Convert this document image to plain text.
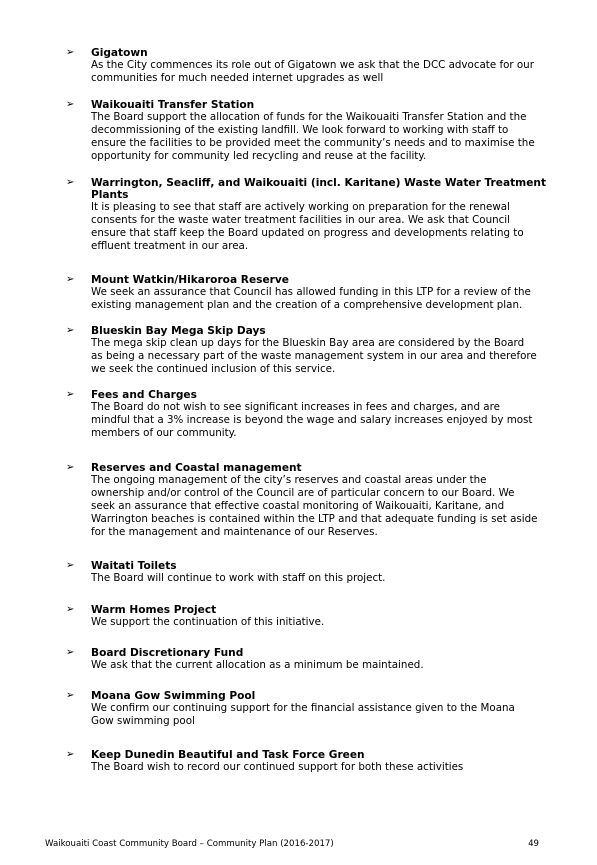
➢	Gigatown
As the City commences its role out of Gigatown we ask that the DCC advocate for our
communities for much needed internet upgrades as well
➢	Waikouaiti Transfer Station
The Board support the allocation of funds for the Waikouaiti Transfer Station and the
decommissioning of the existing landfill. We look forward to working with staff to
ensure the facilities to be provided meet the community’s needs and to maximise the
opportunity for community led recycling and reuse at the facility.
➢	Warrington, Seacliff, and Waikouaiti (incl. Karitane) Waste Water Treatment
Plants
It is pleasing to see that staff are actively working on preparation for the renewal
consents for the waste water treatment facilities in our area. We ask that Council
ensure that staff keep the Board updated on progress and developments relating to
effluent treatment in our area.
➢	Mount Watkin/Hikaroroa Reserve
We seek an assurance that Council has allowed funding in this LTP for a review of the
existing management plan and the creation of a comprehensive development plan.
➢	Blueskin Bay Mega Skip Days
The mega skip clean up days for the Blueskin Bay area are considered by the Board
as being a necessary part of the waste management system in our area and therefore
we seek the continued inclusion of this service.
➢	Fees and Charges
The Board do not wish to see significant increases in fees and charges, and are
mindful that a 3% increase is beyond the wage and salary increases enjoyed by most
members of our community.
➢	Reserves and Coastal management
The ongoing management of the city’s reserves and coastal areas under the
ownership and/or control of the Council are of particular concern to our Board. We
seek an assurance that effective coastal monitoring of Waikouaiti, Karitane, and
Warrington beaches is contained within the LTP and that adequate funding is set aside
for the management and maintenance of our Reserves.
➢	Waitati Toilets
The Board will continue to work with staff on this project.
➢	Warm Homes Project
We support the continuation of this initiative.
➢	Board Discretionary Fund
We ask that the current allocation as a minimum be maintained.
➢	Moana Gow Swimming Pool
We confirm our continuing support for the financial assistance given to the Moana
Gow swimming pool
➢	Keep Dunedin Beautiful and Task Force Green
The Board wish to record our continued support for both these activities
Waikouaiti Coast Community Board – Community Plan (2016-2017)	49
